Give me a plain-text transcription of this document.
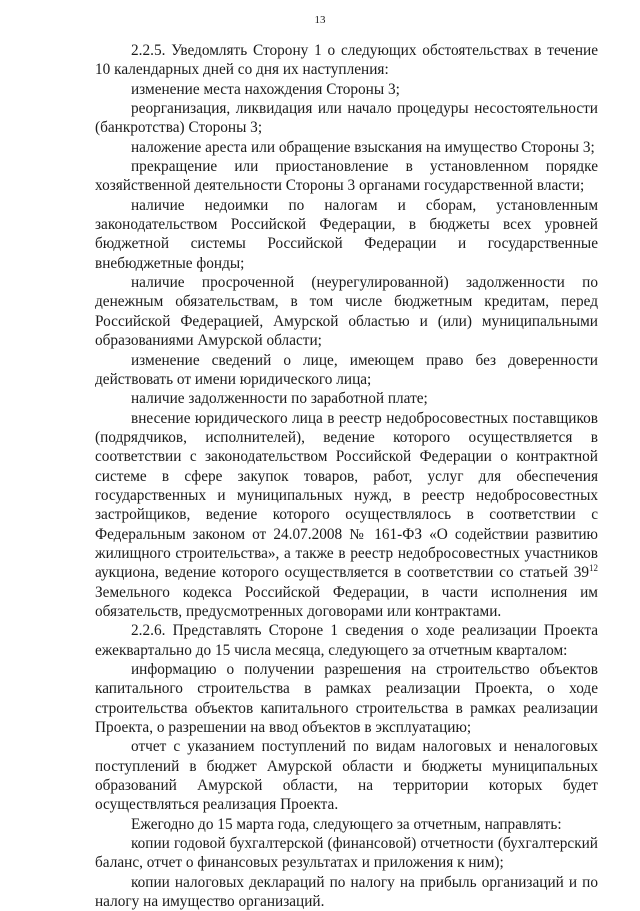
13

2.2.5. Уведомлять Сторону 1 о следующих обстоятельствах в течение 10 календарных дней со дня их наступления:

изменение места нахождения Стороны 3;

реорганизация, ликвидация или начало процедуры несостоятельности (банкротства) Стороны 3;

наложение ареста или обращение взыскания на имущество Стороны 3;

прекращение или приостановление в установленном порядке хозяйственной деятельности Стороны 3 органами государственной власти;

наличие недоимки по налогам и сборам, установленным законодательством Российской Федерации, в бюджеты всех уровней бюджетной системы Российской Федерации и государственные внебюджетные фонды;

наличие просроченной (неурегулированной) задолженности по денежным обязательствам, в том числе бюджетным кредитам, перед Российской Федерацией, Амурской областью и (или) муниципальными образованиями Амурской области;

изменение сведений о лице, имеющем право без доверенности действовать от имени юридического лица;

наличие задолженности по заработной плате;

внесение юридического лица в реестр недобросовестных поставщиков (подрядчиков, исполнителей), ведение которого осуществляется в соответствии с законодательством Российской Федерации о контрактной системе в сфере закупок товаров, работ, услуг для обеспечения государственных и муниципальных нужд, в реестр недобросовестных застройщиков, ведение которого осуществлялось в соответствии с Федеральным законом от 24.07.2008 № 161-ФЗ «О содействии развитию жилищного строительства», а также в реестр недобросовестных участников аукциона, ведение которого осуществляется в соответствии со статьей $39^{12}$ Земельного кодекса Российской Федерации, в части исполнения им обязательств, предусмотренных договорами или контрактами.

2.2.6. Представлять Стороне 1 сведения о ходе реализации Проекта ежеквартально до 15 числа месяца, следующего за отчетным кварталом:

информацию о получении разрешения на строительство объектов капитального строительства в рамках реализации Проекта, о ходе строительства объектов капитального строительства в рамках реализации Проекта, о разрешении на ввод объектов в эксплуатацию;

отчет с указанием поступлений по видам налоговых и неналоговых поступлений в бюджет Амурской области и бюджеты муниципальных образований Амурской области, на территории которых будет осуществляться реализация Проекта.

Ежегодно до 15 марта года, следующего за отчетным, направлять:

копии годовой бухгалтерской (финансовой) отчетности (бухгалтерский баланс, отчет о финансовых результатах и приложения к ним);

копии налоговых деклараций по налогу на прибыль организаций и по налогу на имущество организаций.
